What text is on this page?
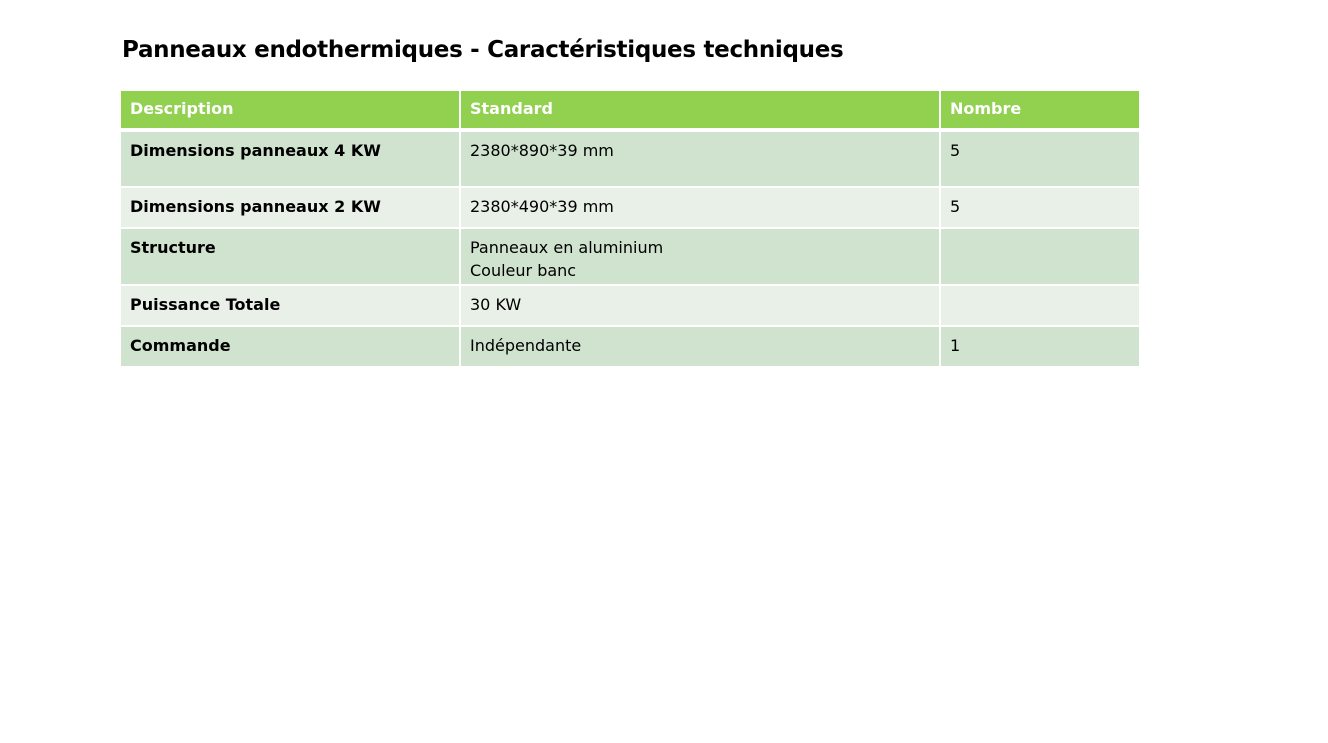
Panneaux endothermiques - Caractéristiques techniques
Description	Standard	Nombre
Dimensions panneaux 4 KW	2380*890*39 mm	5
Dimensions panneaux 2 KW	2380*490*39 mm	5
Structure	Panneaux en aluminium
Couleur banc	

Puissance Totale	30 KW	

Commande	Indépendante	1
